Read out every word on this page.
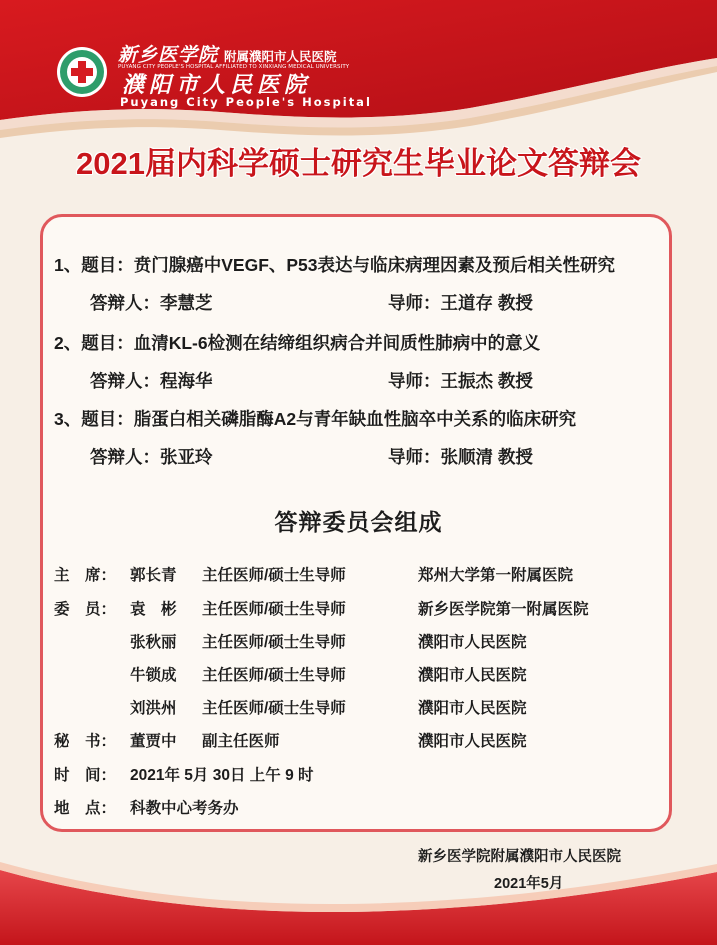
新乡医学院 附属濮阳市人民医院
PUYANG CITY PEOPLE'S HOSPITAL AFFILIATED TO XINXIANG MEDICAL UNIVERSITY
濮阳市人民医院
Puyang City People's Hospital
2021届内科学硕士研究生毕业论文答辩会
1、题目：贲门腺癌中VEGF、P53表达与临床病理因素及预后相关性研究
答辩人：李慧芝	导师：王道存 教授
2、题目：血清KL-6检测在结缔组织病合并间质性肺病中的意义
答辩人：程海华	导师：王振杰 教授
3、题目：脂蛋白相关磷脂酶A2与青年缺血性脑卒中关系的临床研究
答辩人：张亚玲	导师：张顺清 教授
答辩委员会组成
主　席： 郭长青 主任医师/硕士生导师	郑州大学第一附属医院
委　员： 袁　彬 主任医师/硕士生导师	新乡医学院第一附属医院
张秋丽 主任医师/硕士生导师	濮阳市人民医院
牛锁成 主任医师/硕士生导师	濮阳市人民医院
刘洪州 主任医师/硕士生导师	濮阳市人民医院
秘　书： 董贾中 副主任医师	濮阳市人民医院
时　间： 2021年 5月 30日 上午 9 时
地　点： 科教中心考务办
新乡医学院附属濮阳市人民医院
2021年5月
